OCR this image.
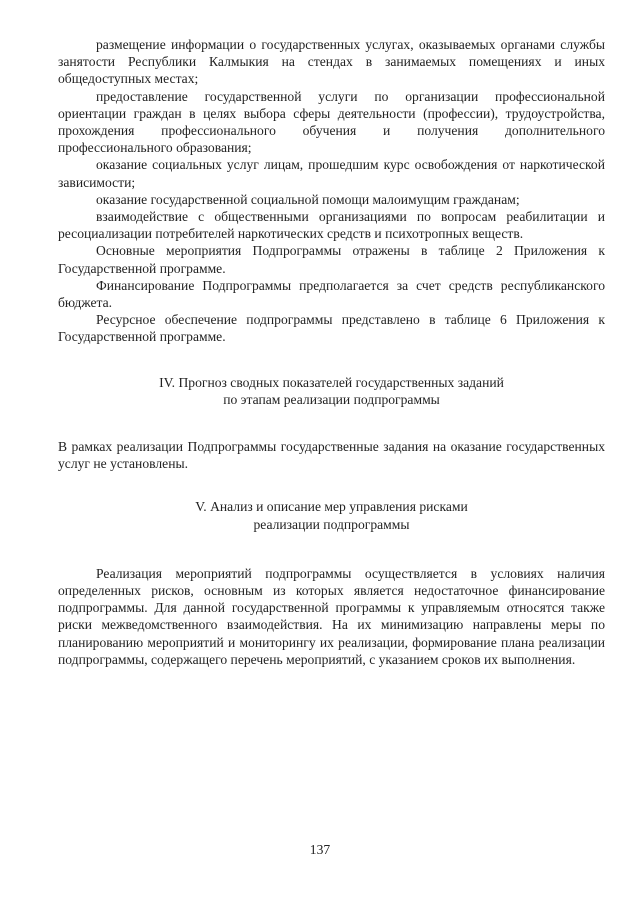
размещение информации о государственных услугах, оказываемых органами службы занятости Республики Калмыкия на стендах в занимаемых помещениях и иных общедоступных местах;

предоставление государственной услуги по организации профессиональной ориентации граждан в целях выбора сферы деятельности (профессии), трудоустройства, прохождения профессионального обучения и получения дополнительного профессионального образования;

оказание социальных услуг лицам, прошедшим курс освобождения от наркотической зависимости;

оказание государственной социальной помощи малоимущим гражданам;

взаимодействие с общественными организациями по вопросам реабилитации и ресоциализации потребителей наркотических средств и психотропных веществ.

Основные мероприятия Подпрограммы отражены в таблице 2 Приложения к Государственной программе.

Финансирование Подпрограммы предполагается за счет средств республиканского бюджета.

Ресурсное обеспечение подпрограммы представлено в таблице 6 Приложения к Государственной программе.

IV. Прогноз сводных показателей государственных заданий
по этапам реализации подпрограммы

В рамках реализации Подпрограммы государственные задания на оказание государственных услуг не установлены.

V. Анализ и описание мер управления рисками
реализации подпрограммы

Реализация мероприятий подпрограммы осуществляется в условиях наличия определенных рисков, основным из которых является недостаточное финансирование подпрограммы. Для данной государственной программы к управляемым относятся также риски межведомственного взаимодействия. На их минимизацию направлены меры по планированию мероприятий и мониторингу их реализации, формирование плана реализации подпрограммы, содержащего перечень мероприятий, с указанием сроков их выполнения.

137
